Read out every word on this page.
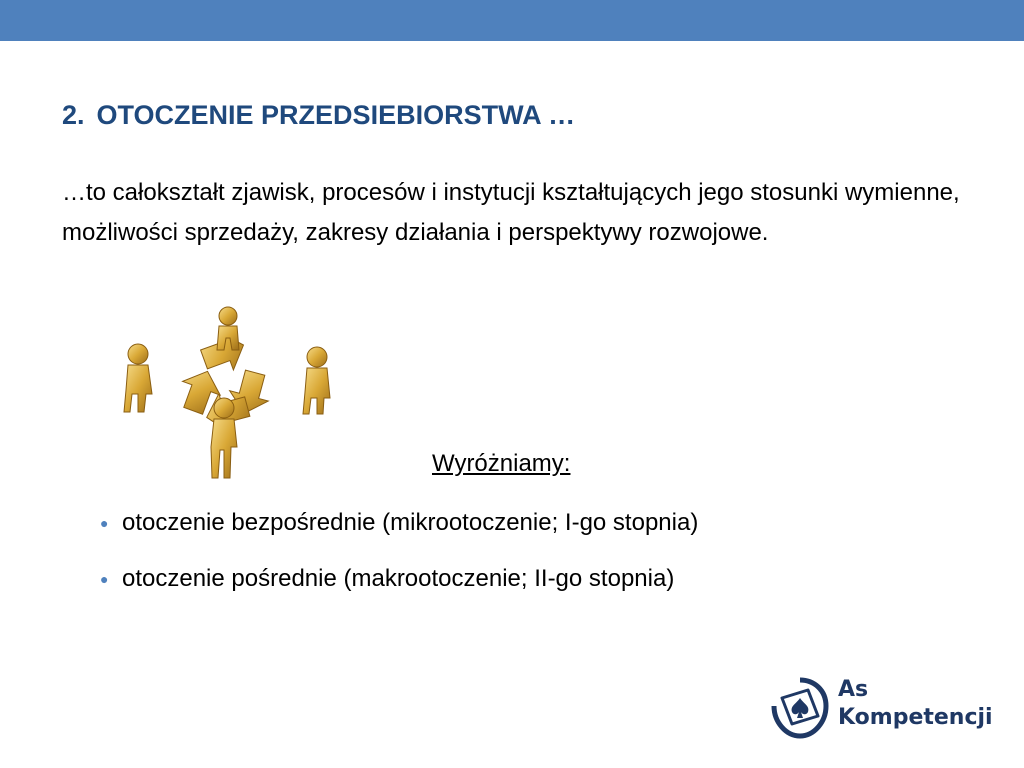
2. OTOCZENIE PRZEDSIEBIORSTWA …

…to całokształt zjawisk, procesów i instytucji kształtujących jego stosunki wymienne, możliwości sprzedaży, zakresy działania i perspektywy rozwojowe.

Wyróżniamy:

● otoczenie bezpośrednie (mikrootoczenie; I-go stopnia)
● otoczenie pośrednie (makrootoczenie; II-go stopnia)
As
Kompetencji
